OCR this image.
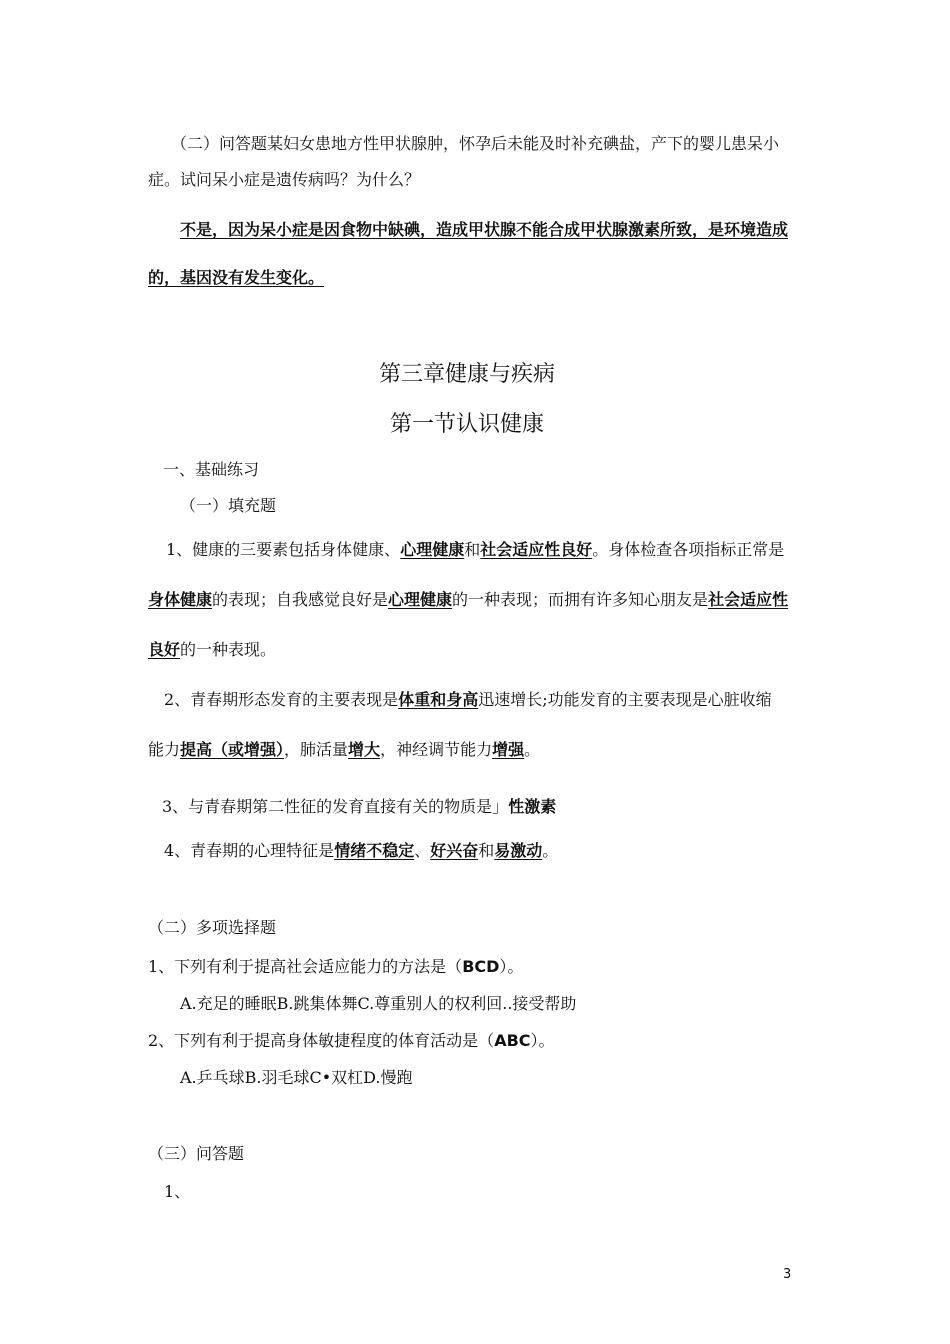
（二）问答题某妇女患地方性甲状腺肿，怀孕后未能及时补充碘盐，产下的婴儿患呆小
症。试问呆小症是遗传病吗？为什么？
不是，因为呆小症是因食物中缺碘，造成甲状腺不能合成甲状腺激素所致，是环境造成
的，基因没有发生变化。
第三章健康与疾病
第一节认识健康
一、基础练习
（一）填充题
1、健康的三要素包括身体健康、心理健康和社会适应性良好。身体检查各项指标正常是
身体健康的表现；自我感觉良好是心理健康的一种表现；而拥有许多知心朋友是社会适应性
良好的一种表现。
2、青春期形态发育的主要表现是体重和身高迅速增长;功能发育的主要表现是心脏收缩
能力提高（或增强），肺活量增大，神经调节能力增强。
3、与青春期第二性征的发育直接有关的物质是」性激素
4、青春期的心理特征是情绪不稳定、好兴奋和易激动。
（二）多项选择题
1、下列有利于提高社会适应能力的方法是（BCD）。
A.充足的睡眠B.跳集体舞C.尊重别人的权利回..接受帮助
2、下列有利于提高身体敏捷程度的体育活动是（ABC）。
A.乒乓球B.羽毛球C•双杠D.慢跑
（三）问答题
1、
3
